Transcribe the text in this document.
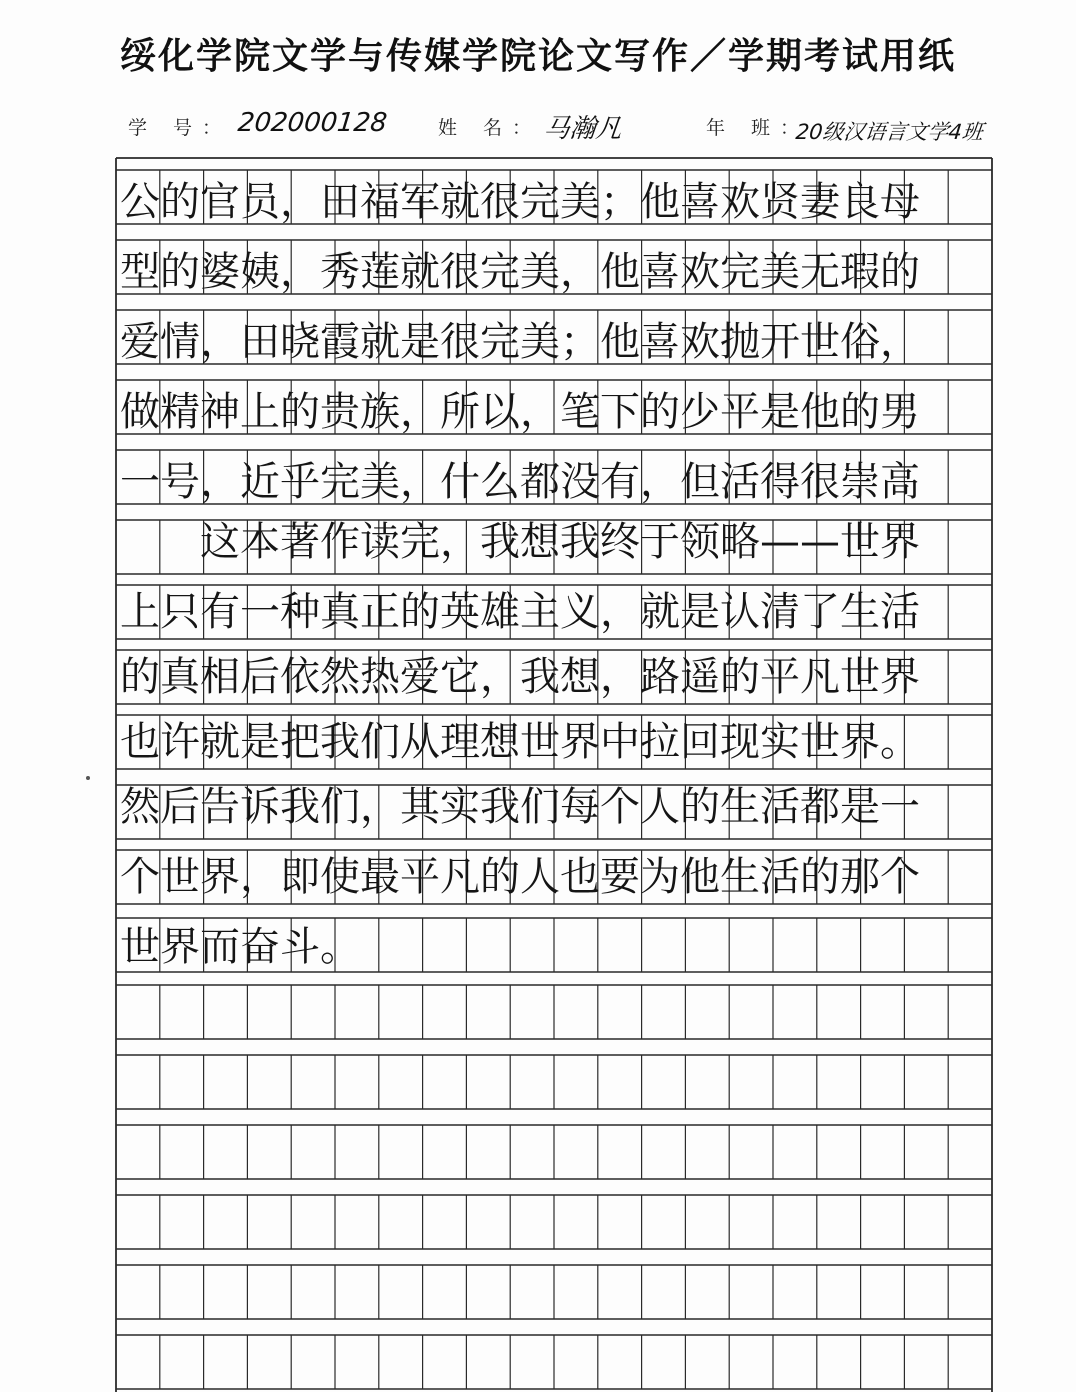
绥化学院文学与传媒学院论文写作／学期考试用纸
学 号： 202000128	姓 名： 马瀚凡	年 班：
20级汉语言文学4班
公的官员，田福军就很完美；他喜欢贤妻良母
型的婆姨，秀莲就很完美，他喜欢完美无瑕的
爱情，田晓霞就是很完美；他喜欢抛开世俗，
做精神上的贵族，所以，笔下的少平是他的男
一号，近乎完美，什么都没有，但活得很崇高
　　这本著作读完，我想我终于领略——世界
上只有一种真正的英雄主义，就是认清了生活
的真相后依然热爱它，我想，路遥的平凡世界
也许就是把我们从理想世界中拉回现实世界。
然后告诉我们，其实我们每个人的生活都是一
个世界，即使最平凡的人也要为他生活的那个
世界而奋斗。
